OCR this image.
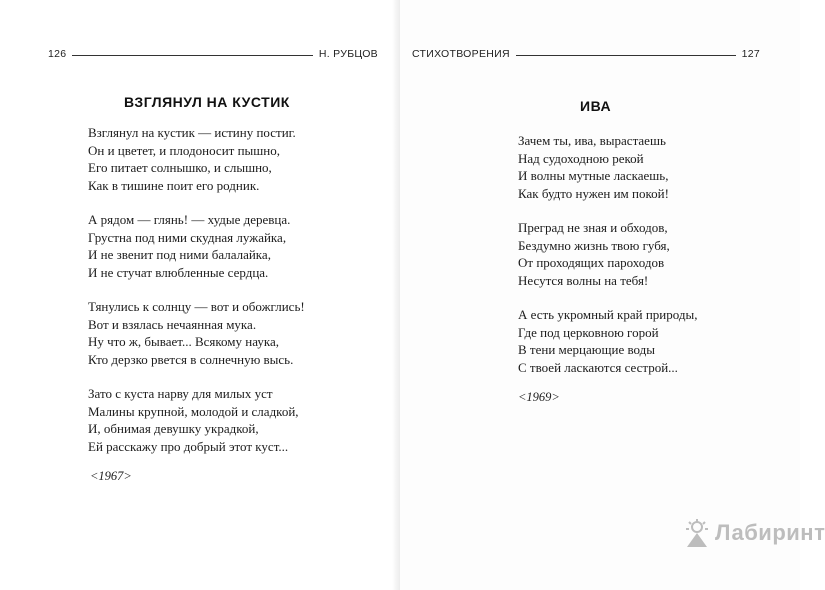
126	Н. РУБЦОВ
ВЗГЛЯНУЛ НА КУСТИК
Взглянул на кустик — истину постиг.
Он и цветет, и плодоносит пышно,
Его питает солнышко, и слышно,
Как в тишине поит его родник.
А рядом — глянь! — худые деревца.
Грустна под ними скудная лужайка,
И не звенит под ними балалайка,
И не стучат влюбленные сердца.
Тянулись к солнцу — вот и обожглись!
Вот и взялась нечаянная мука.
Ну что ж, бывает... Всякому наука,
Кто дерзко рвется в солнечную высь.
Зато с куста нарву для милых уст
Малины крупной, молодой и сладкой,
И, обнимая девушку украдкой,
Ей расскажу про добрый этот куст...
<1967>
СТИХОТВОРЕНИЯ	127
ИВА
Зачем ты, ива, вырастаешь
Над судоходною рекой
И волны мутные ласкаешь,
Как будто нужен им покой!
Преград не зная и обходов,
Бездумно жизнь твою губя,
От проходящих пароходов
Несутся волны на тебя!
А есть укромный край природы,
Где под церковною горой
В тени мерцающие воды
С твоей ласкаются сестрой...
<1969>
Лабиринт
